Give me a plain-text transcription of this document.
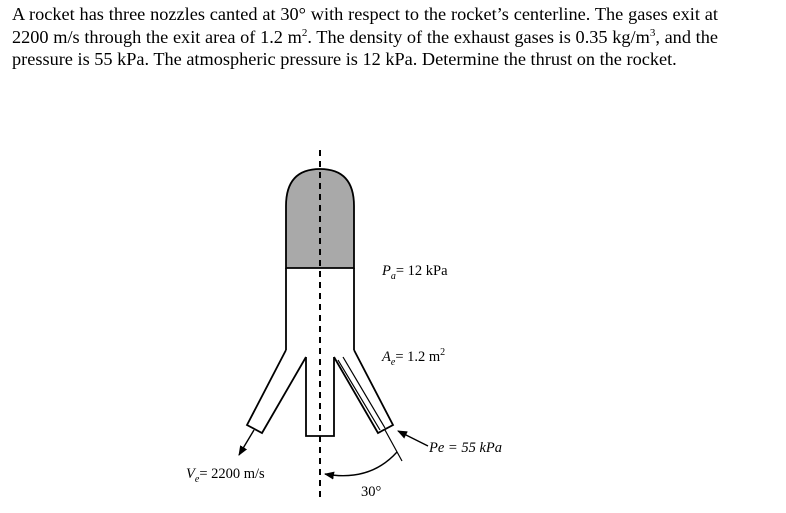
A rocket has three nozzles canted at 30° with respect to the rocket’s centerline. The gases exit at 2200 m/s through the exit area of 1.2 $m^2$. The density of the exhaust gases is 0.35 $kg/m^3$, and the pressure is 55 kPa. The atmospheric pressure is 12 kPa. Determine the thrust on the rocket.

$P_a= 12$ kPa
$A_e= 1.2$ $m^2$
Pe = 55 kPa
$V_e= 2200$ m/s
30°
